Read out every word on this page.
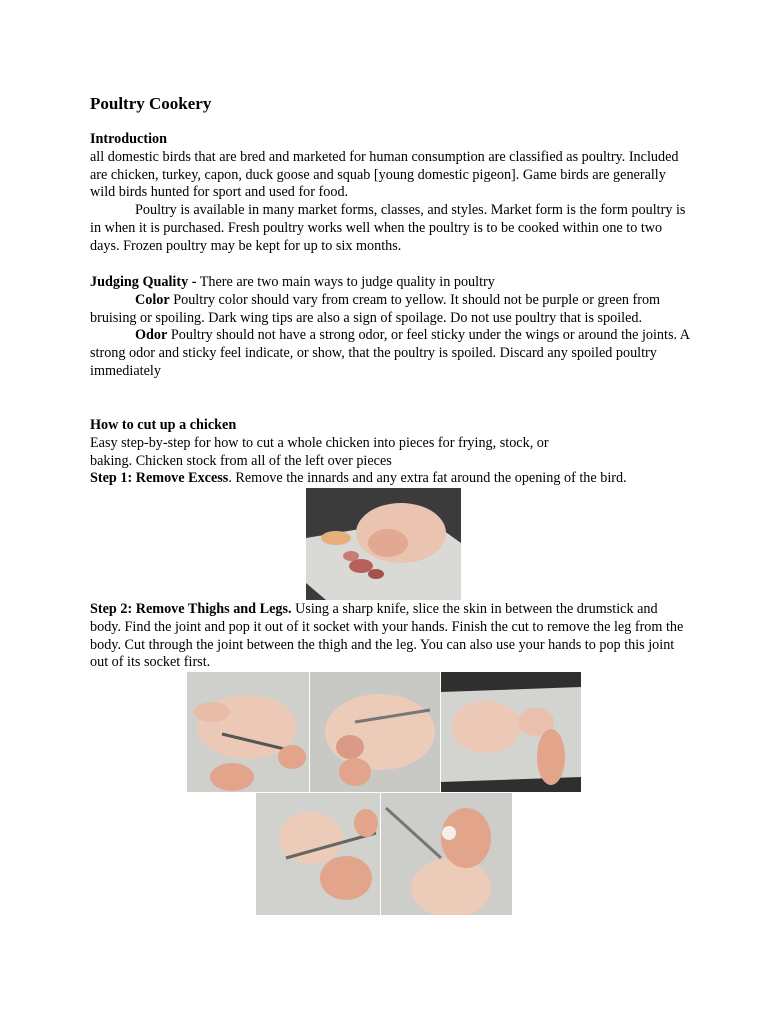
Poultry Cookery

Introduction

all domestic birds that are bred and marketed for human consumption are classified as poultry. Included are chicken, turkey, capon, duck goose and squab [young domestic pigeon]. Game birds are generally wild birds hunted for sport and used for food.

Poultry is available in many market forms, classes, and styles. Market form is the form poultry is in when it is purchased. Fresh poultry works well when the poultry is to be cooked within one to two days. Frozen poultry may be kept for up to six months.

Judging Quality - There are two main ways to judge quality in poultry

Color Poultry color should vary from cream to yellow. It should not be purple or green from bruising or spoiling. Dark wing tips are also a sign of spoilage. Do not use poultry that is spoiled.

Odor Poultry should not have a strong odor, or feel sticky under the wings or around the joints. A strong odor and sticky feel indicate, or show, that the poultry is spoiled. Discard any spoiled poultry immediately

How to cut up a chicken

Easy step-by-step for how to cut a whole chicken into pieces for frying, stock, or

baking. Chicken stock from all of the left over pieces

Step 1: Remove Excess. Remove the innards and any extra fat around the opening of the bird.

Step 2: Remove Thighs and Legs. Using a sharp knife, slice the skin in between the drumstick and body. Find the joint and pop it out of it socket with your hands. Finish the cut to remove the leg from the body. Cut through the joint between the thigh and the leg. You can also use your hands to pop this joint out of its socket first.
